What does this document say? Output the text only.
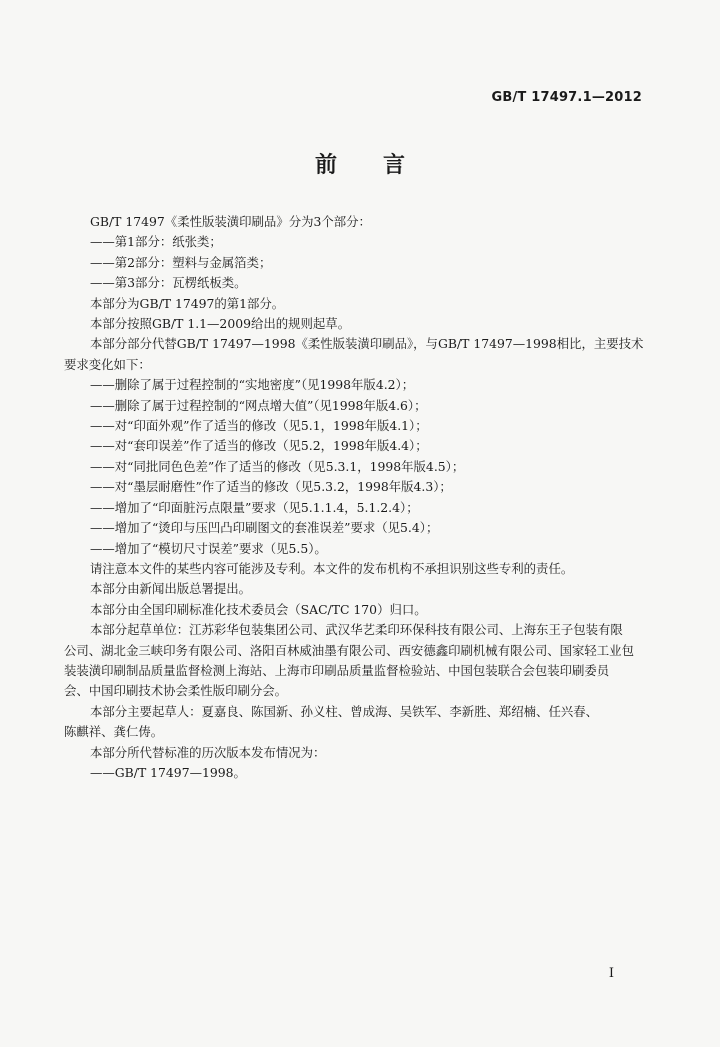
GB/T 17497.1—2012
前 言

GB/T 17497《柔性版装潢印刷品》分为3个部分：

——第1部分：纸张类；

——第2部分：塑料与金属箔类；

——第3部分：瓦楞纸板类。

本部分为GB/T 17497的第1部分。

本部分按照GB/T 1.1—2009给出的规则起草。

本部分部分代替GB/T 17497—1998《柔性版装潢印刷品》，与GB/T 17497—1998相比，主要技术

要求变化如下：

——删除了属于过程控制的“实地密度”（见1998年版4.2）；

——删除了属于过程控制的“网点增大值”（见1998年版4.6）；

——对“印面外观”作了适当的修改（见5.1，1998年版4.1）；

——对“套印误差”作了适当的修改（见5.2，1998年版4.4）；

——对“同批同色色差”作了适当的修改（见5.3.1，1998年版4.5）；

——对“墨层耐磨性”作了适当的修改（见5.3.2，1998年版4.3）；

——增加了“印面脏污点限量”要求（见5.1.1.4，5.1.2.4）；

——增加了“烫印与压凹凸印刷图文的套准误差”要求（见5.4）；

——增加了“模切尺寸误差”要求（见5.5）。

请注意本文件的某些内容可能涉及专利。本文件的发布机构不承担识别这些专利的责任。

本部分由新闻出版总署提出。

本部分由全国印刷标准化技术委员会（SAC/TC 170）归口。

本部分起草单位：江苏彩华包装集团公司、武汉华艺柔印环保科技有限公司、上海东王子包装有限

公司、湖北金三峡印务有限公司、洛阳百林威油墨有限公司、西安德鑫印刷机械有限公司、国家轻工业包

装装潢印刷制品质量监督检测上海站、上海市印刷品质量监督检验站、中国包装联合会包装印刷委员

会、中国印刷技术协会柔性版印刷分会。

本部分主要起草人：夏嘉良、陈国新、孙义柱、曾成海、吴铁军、李新胜、郑绍楠、任兴春、

陈麒祥、龚仁俦。

本部分所代替标准的历次版本发布情况为：

——GB/T 17497—1998。

I
